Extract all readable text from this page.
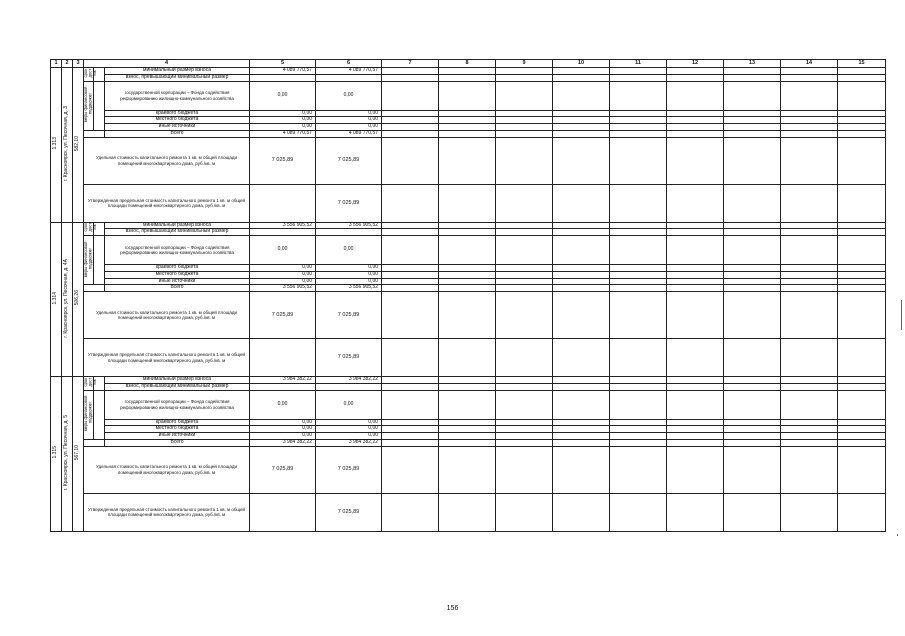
1	2	3	4			5	6	7	8	9	10	11	12	13	14	15
1.313	г. Красноярск, ул. Песочная, д. 3	582,10	срок дост иж		минимальный размер взноса	4 089 770,57	4 089 770,57									
					взнос, превышающий минимальный размер											
			меры финансовой поддержки		государственной корпорации – Фонда содействия реформированию жилищно-коммунального хозяйства	0,00	0,00									
					краевого бюджета	0,00	0,00									
					местного бюджета	0,00	0,00									
					иные источники	0,00	0,00									
					Всего	4 089 770,57	4 089 770,57									
			Удельная стоимость капитального ремонта 1 кв. м общей площади помещений многоквартирного дома, руб./кв. м			7 025,89	7 025,89									
			Утвержденная предельная стоимость капитального ремонта 1 кв. м общей площади помещений многоквартирного дома, руб./кв. м				7 025,89									
1.314	г. Красноярск, ул. Песочная, д. 4А	506,26	срок дост иж		минимальный размер взноса	3 556 905,52	3 556 905,52									
					взнос, превышающий минимальный размер											
			меры финансовой поддержки		государственной корпорации – Фонда содействия реформированию жилищно-коммунального хозяйства	0,00	0,00									
					краевого бюджета	0,00	0,00									
					местного бюджета	0,00	0,00									
					иные источники	0,00	0,00									
					Всего	3 556 905,52	3 556 905,52									
			Удельная стоимость капитального ремонта 1 кв. м общей площади помещений многоквартирного дома, руб./кв. м			7 025,89	7 025,89									
			Утвержденная предельная стоимость капитального ремонта 1 кв. м общей площади помещений многоквартирного дома, руб./кв. м				7 025,89									
1.315	г. Красноярск, ул. Песочная, д. 5	567,10	срок дост иж		минимальный размер взноса	3 984 382,22	3 984 382,22									
					взнос, превышающий минимальный размер											
			меры финансовой поддержки		государственной корпорации – Фонда содействия реформированию жилищно-коммунального хозяйства	0,00	0,00									
					краевого бюджета	0,00	0,00									
					местного бюджета	0,00	0,00									
					иные источники	0,00	0,00									
					Всего	3 984 382,22	3 984 382,22									
			Удельная стоимость капитального ремонта 1 кв. м общей площади помещений многоквартирного дома, руб./кв. м			7 025,89	7 025,89									
			Утвержденная предельная стоимость капитального ремонта 1 кв. м общей площади помещений многоквартирного дома, руб./кв. м				7 025,89									
156
